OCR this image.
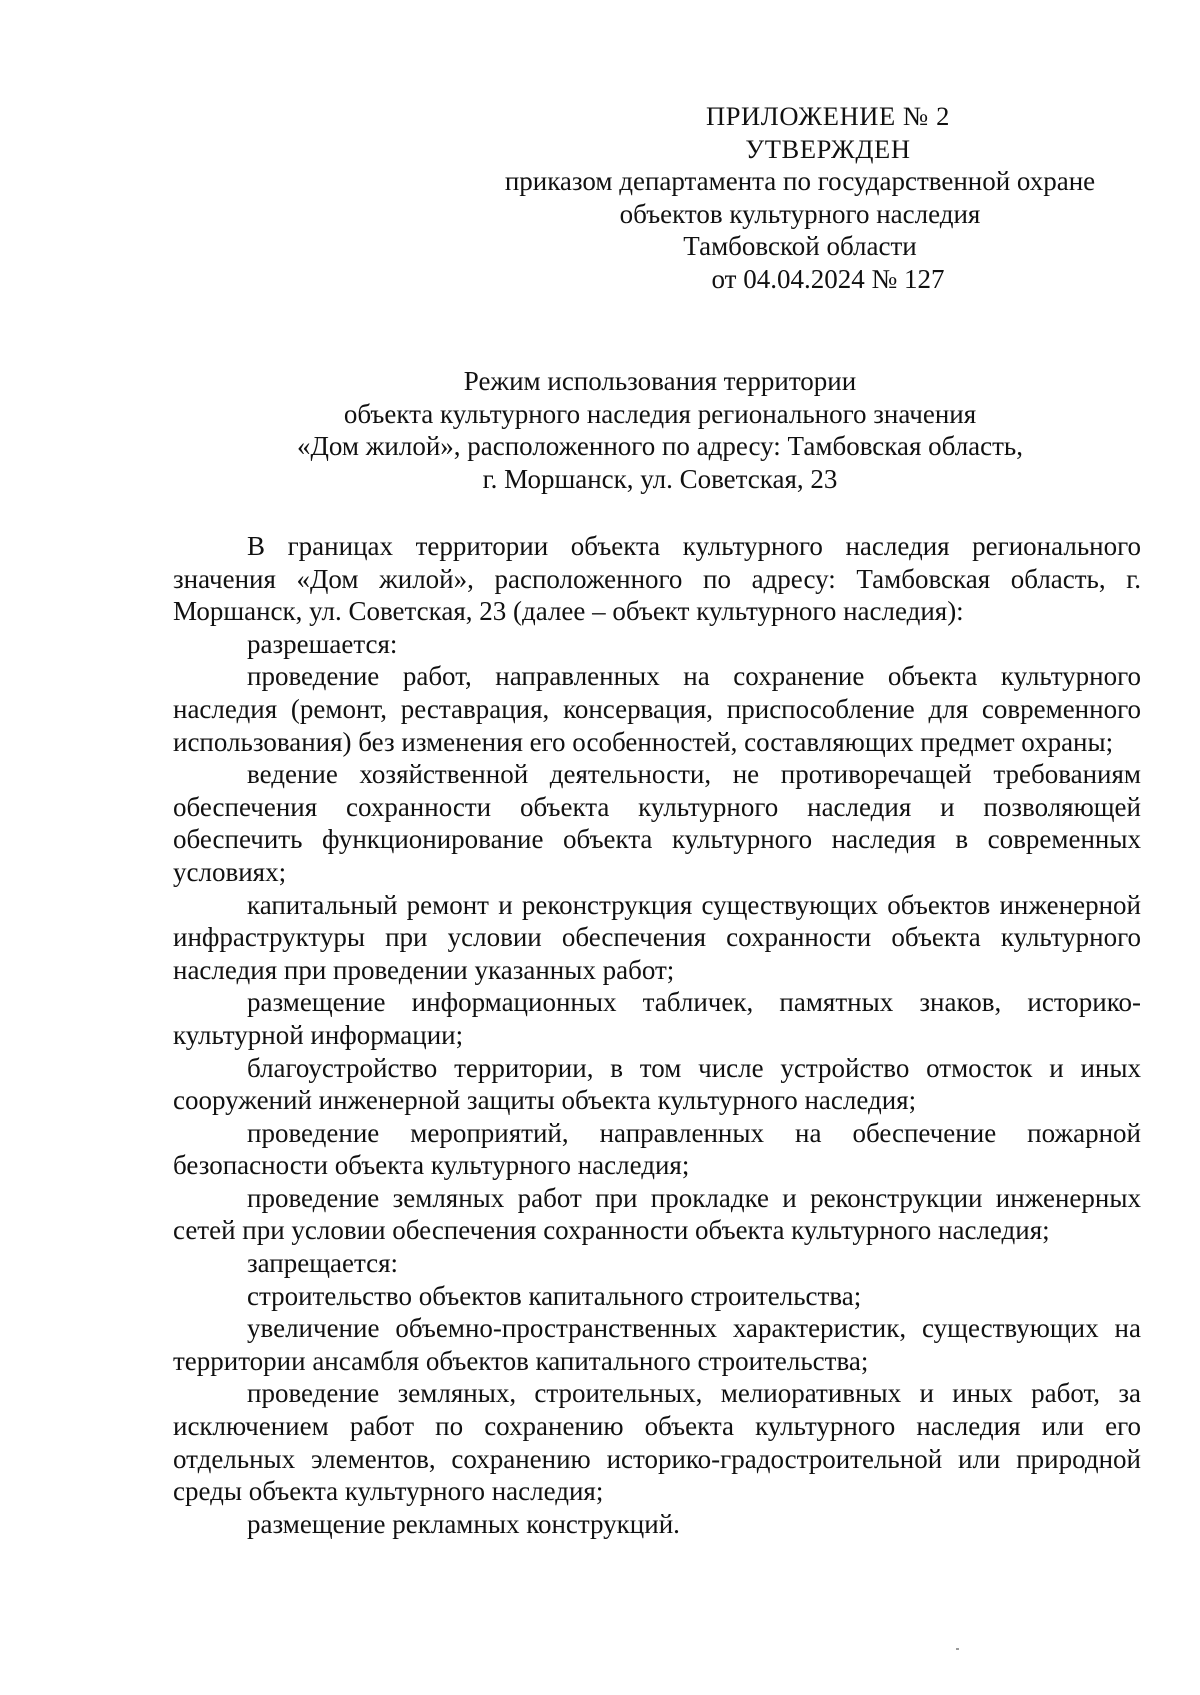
ПРИЛОЖЕНИЕ № 2
УТВЕРЖДЕН
приказом департамента по государственной охране
объектов культурного наследия
Тамбовской области
от 04.04.2024 № 127
Режим использования территории
объекта культурного наследия регионального значения
«Дом жилой», расположенного по адресу: Тамбовская область,
г. Моршанск, ул. Советская, 23

В границах территории объекта культурного наследия регионального значения «Дом жилой», расположенного по адресу: Тамбовская область, г. Моршанск, ул. Советская, 23 (далее – объект культурного наследия):

разрешается:

проведение работ, направленных на сохранение объекта культурного наследия (ремонт, реставрация, консервация, приспособление для современного использования) без изменения его особенностей, составляющих предмет охраны;

ведение хозяйственной деятельности, не противоречащей требованиям обеспечения сохранности объекта культурного наследия и позволяющей обеспечить функционирование объекта культурного наследия в современных условиях;

капитальный ремонт и реконструкция существующих объектов инженерной инфраструктуры при условии обеспечения сохранности объекта культурного наследия при проведении указанных работ;

размещение информационных табличек, памятных знаков, историко-культурной информации;

благоустройство территории, в том числе устройство отмосток и иных сооружений инженерной защиты объекта культурного наследия;

проведение мероприятий, направленных на обеспечение пожарной безопасности объекта культурного наследия;

проведение земляных работ при прокладке и реконструкции инженерных сетей при условии обеспечения сохранности объекта культурного наследия;

запрещается:

строительство объектов капитального строительства;

увеличение объемно-пространственных характеристик, существующих на территории ансамбля объектов капитального строительства;

проведение земляных, строительных, мелиоративных и иных работ, за исключением работ по сохранению объекта культурного наследия или его отдельных элементов, сохранению историко-градостроительной или природной среды объекта культурного наследия;

размещение рекламных конструкций.
